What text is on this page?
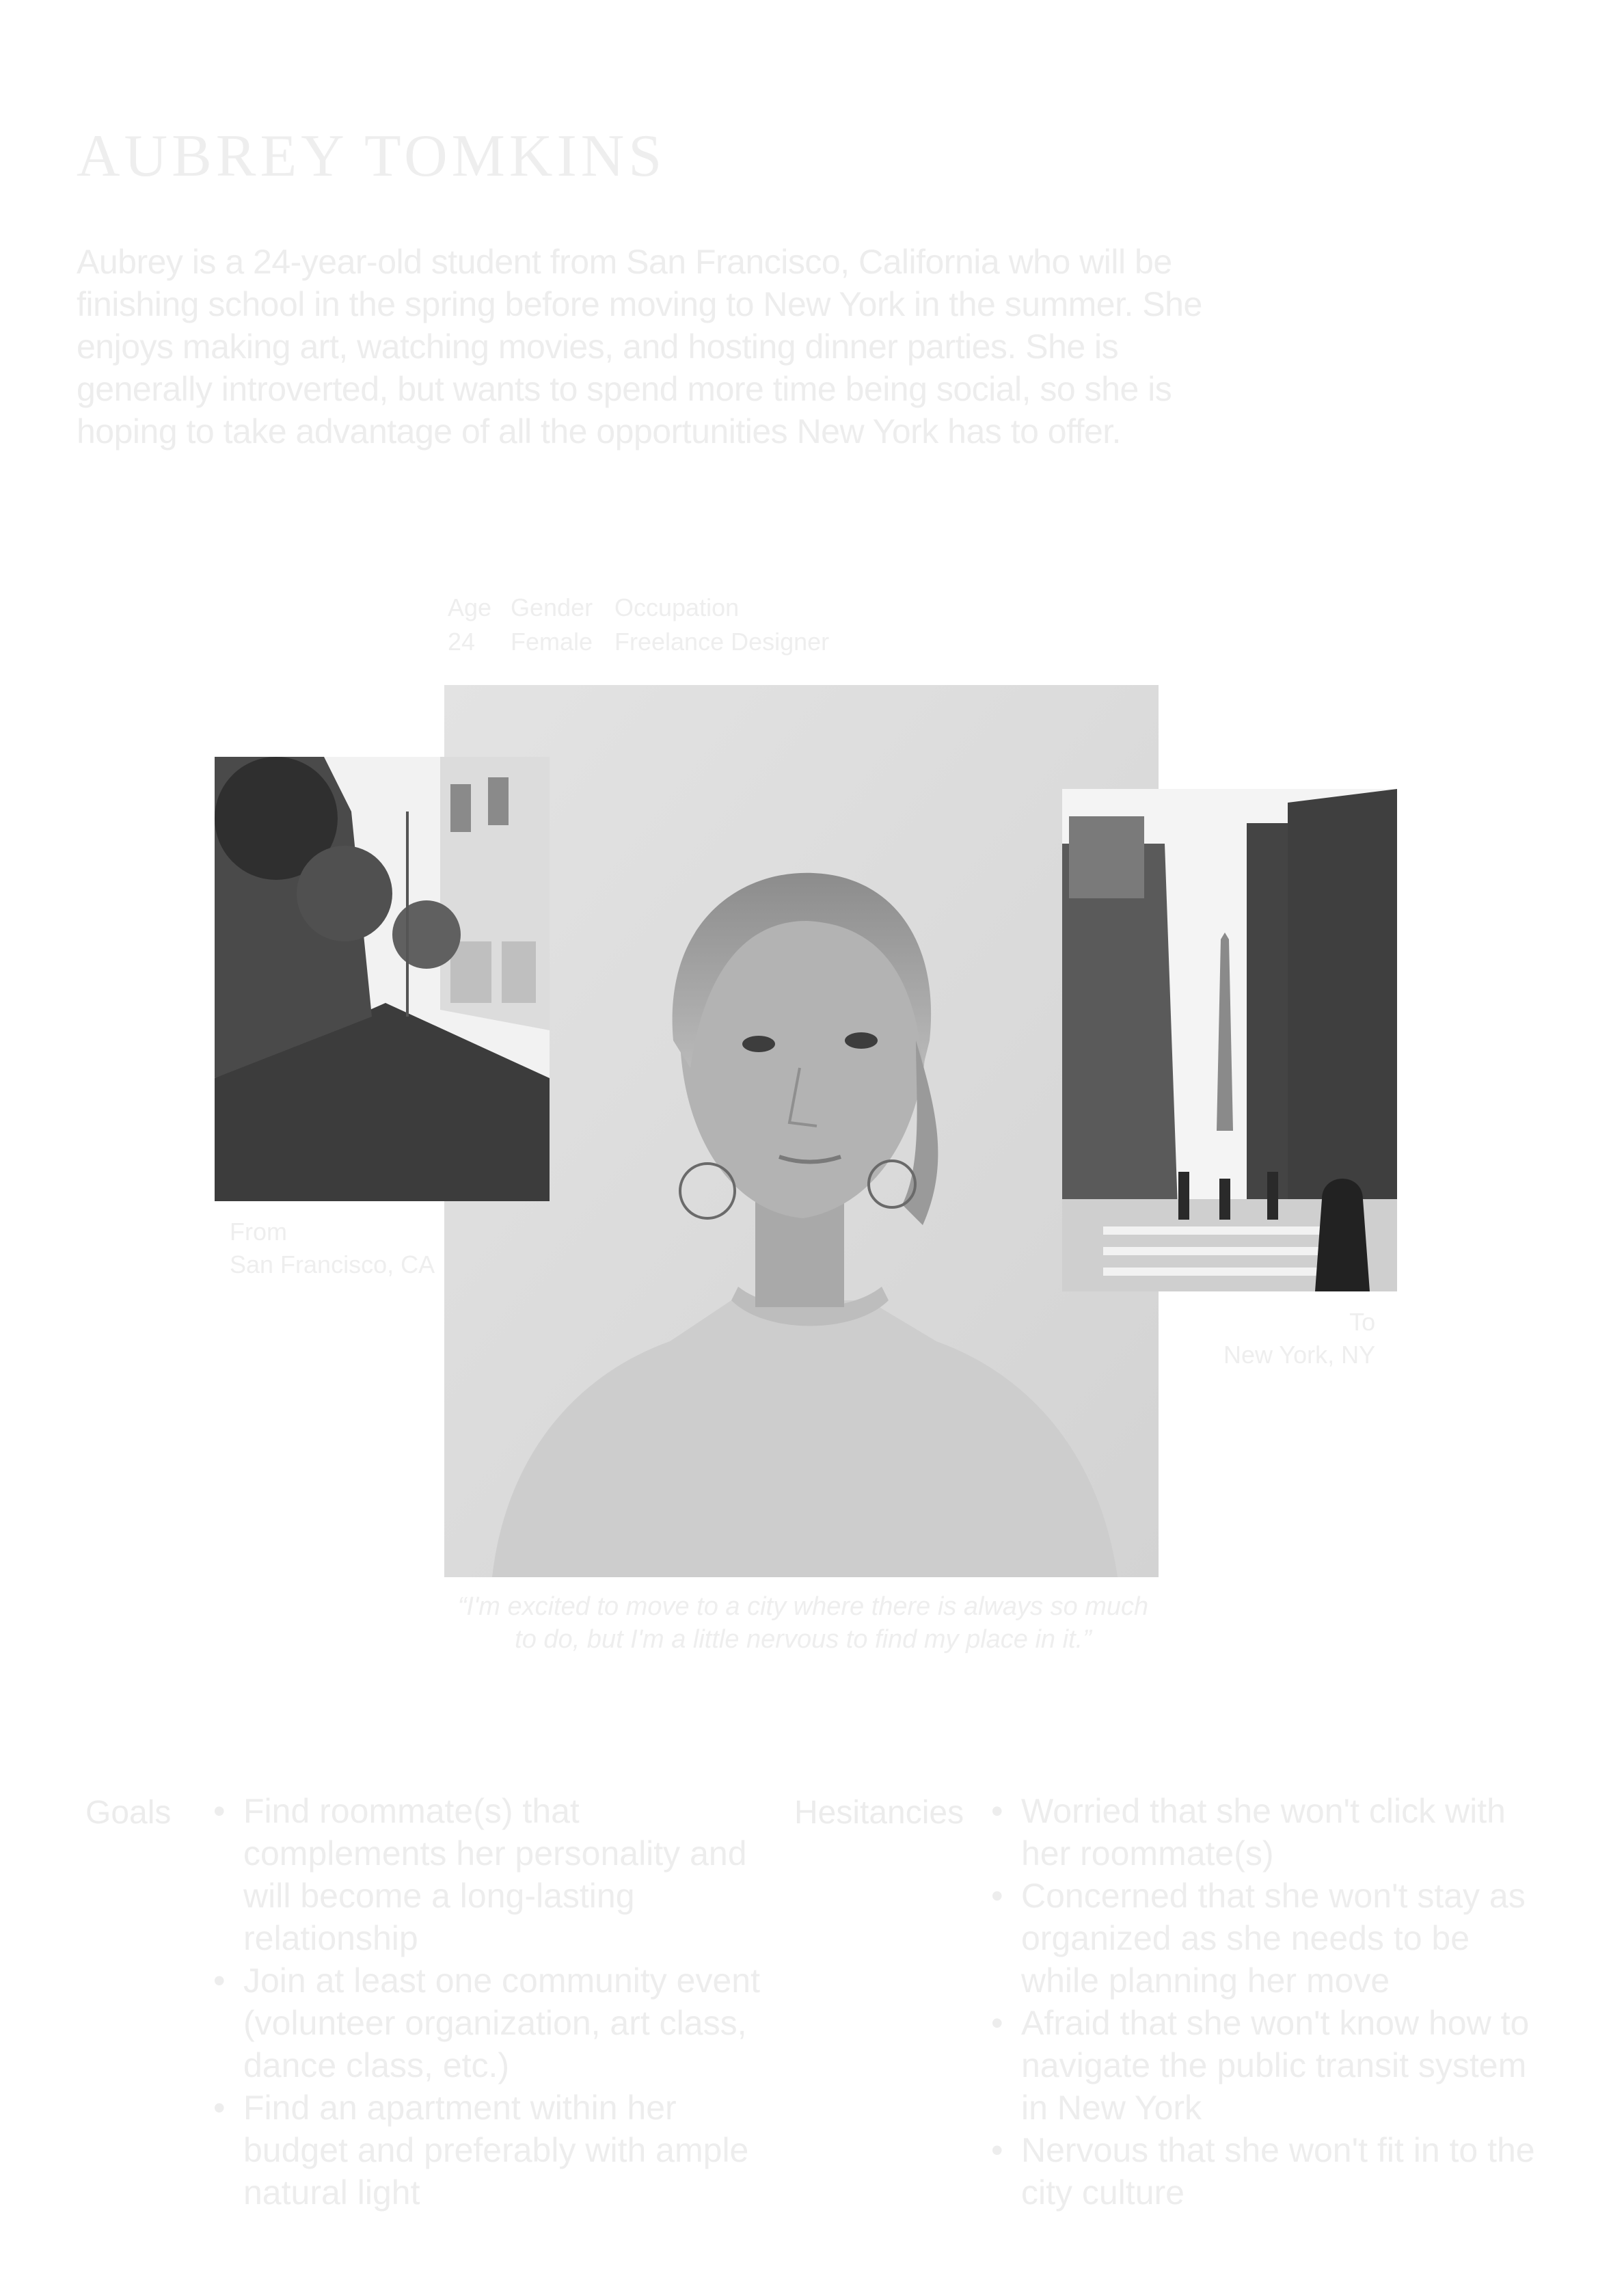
AUBREY TOMKINS
Aubrey is a 24-year-old student from San Francisco, California who will be finishing school in the spring before moving to New York in the summer. She enjoys making art, watching movies, and hosting dinner parties. She is generally introverted, but wants to spend more time being social, so she is hoping to take advantage of all the opportunities New York has to offer.
Age Gender Occupation
24	Female Freelance Designer
From
San Francisco, CA
To
New York, NY
“I'm excited to move to a city where there is always so much to do, but I'm a little nervous to find my place in it.”
Goals	• Find roommate(s) that complements her personality and will become a long-lasting relationship
• Join at least one community event (volunteer organization, art class, dance class, etc.)
• Find an apartment within her budget and preferably with ample natural light
Hesitancies	• Worried that she won't click with her roommate(s)
• Concerned that she won't stay as organized as she needs to be while planning her move
• Afraid that she won't know how to navigate the public transit system in New York
• Nervous that she won't fit in to the city culture
